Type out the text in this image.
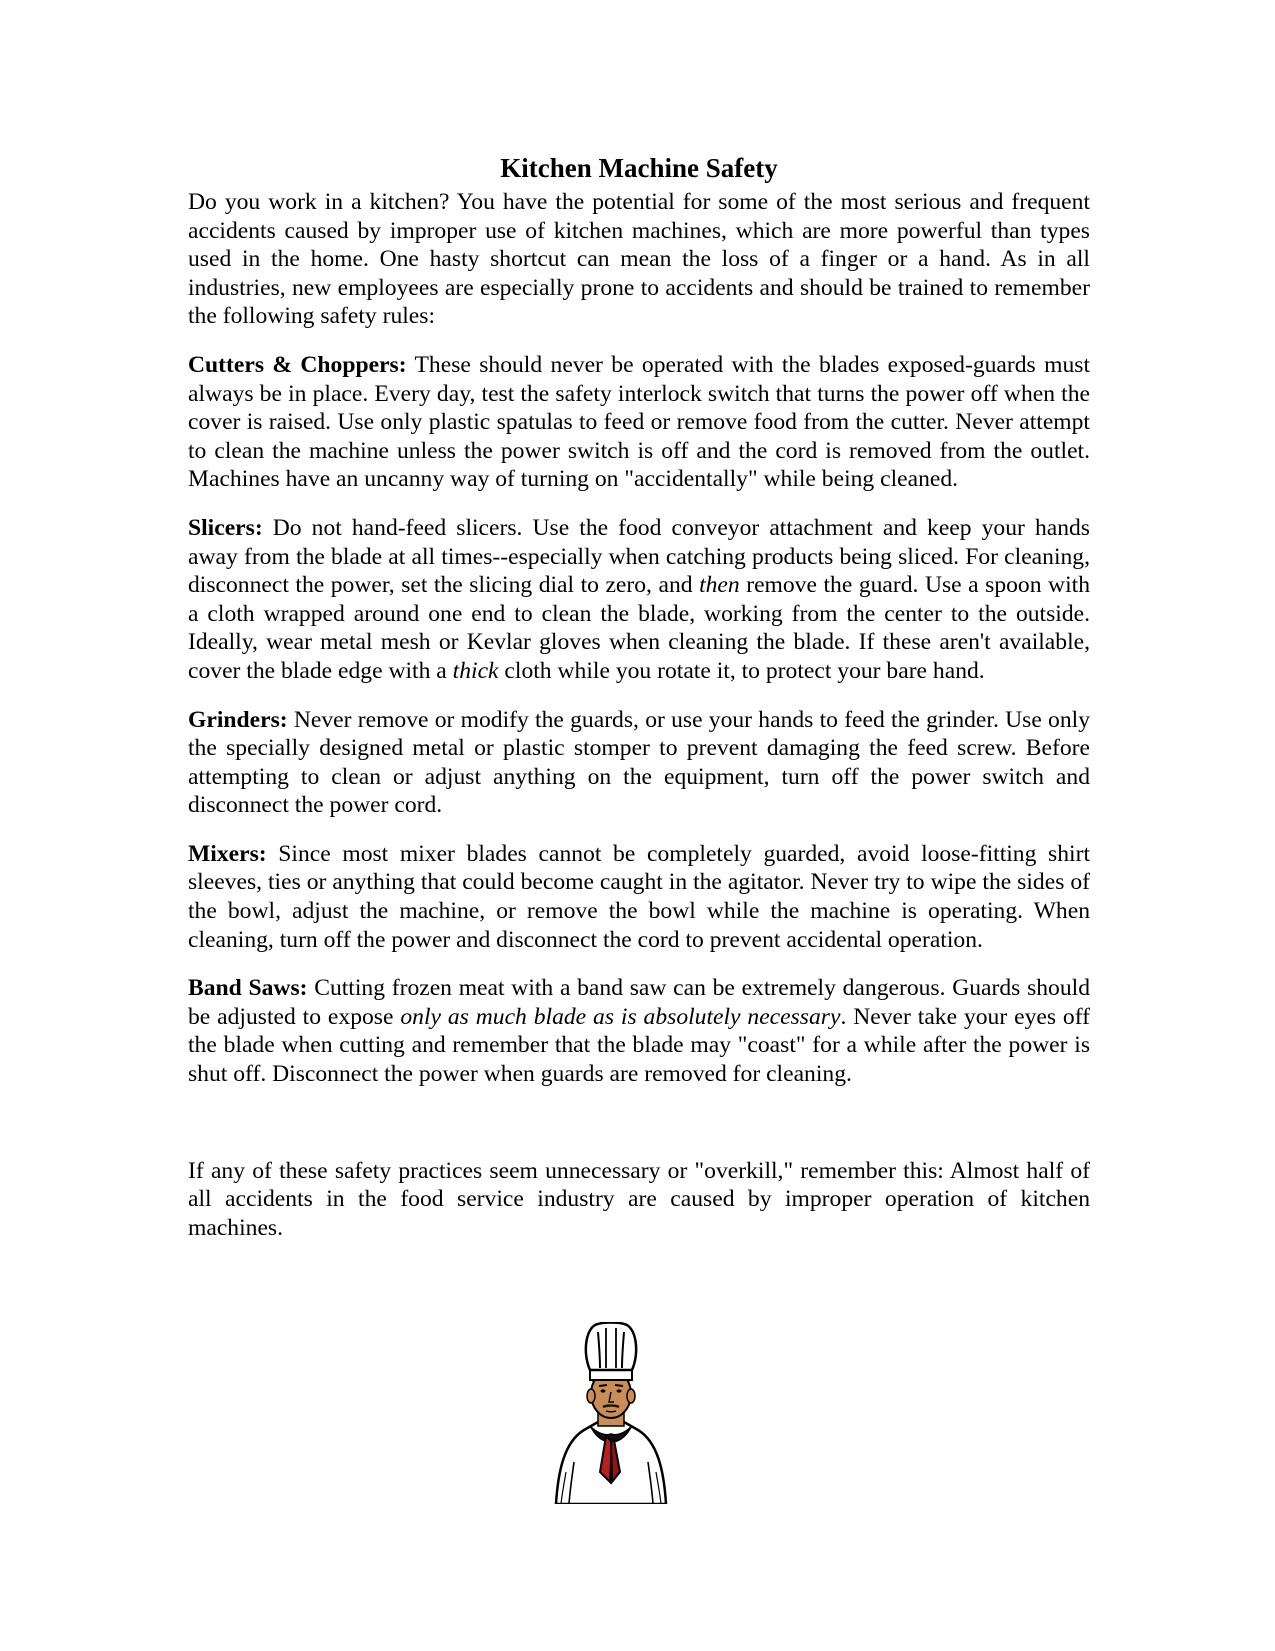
Kitchen Machine Safety

Do you work in a kitchen? You have the potential for some of the most serious and frequent accidents caused by improper use of kitchen machines, which are more powerful than types used in the home. One hasty shortcut can mean the loss of a finger or a hand. As in all industries, new employees are especially prone to accidents and should be trained to remember the following safety rules:

Cutters & Choppers: These should never be operated with the blades exposed-guards must always be in place. Every day, test the safety interlock switch that turns the power off when the cover is raised. Use only plastic spatulas to feed or remove food from the cutter. Never attempt to clean the machine unless the power switch is off and the cord is removed from the outlet. Machines have an uncanny way of turning on "accidentally" while being cleaned.

Slicers: Do not hand-feed slicers. Use the food conveyor attachment and keep your hands away from the blade at all times--especially when catching products being sliced. For cleaning, disconnect the power, set the slicing dial to zero, and then remove the guard. Use a spoon with a cloth wrapped around one end to clean the blade, working from the center to the outside. Ideally, wear metal mesh or Kevlar gloves when cleaning the blade. If these aren't available, cover the blade edge with a thick cloth while you rotate it, to protect your bare hand.

Grinders: Never remove or modify the guards, or use your hands to feed the grinder. Use only the specially designed metal or plastic stomper to prevent damaging the feed screw. Before attempting to clean or adjust anything on the equipment, turn off the power switch and disconnect the power cord.

Mixers: Since most mixer blades cannot be completely guarded, avoid loose-fitting shirt sleeves, ties or anything that could become caught in the agitator. Never try to wipe the sides of the bowl, adjust the machine, or remove the bowl while the machine is operating. When cleaning, turn off the power and disconnect the cord to prevent accidental operation.

Band Saws: Cutting frozen meat with a band saw can be extremely dangerous. Guards should be adjusted to expose only as much blade as is absolutely necessary. Never take your eyes off the blade when cutting and remember that the blade may "coast" for a while after the power is shut off. Disconnect the power when guards are removed for cleaning.

If any of these safety practices seem unnecessary or "overkill," remember this: Almost half of all accidents in the food service industry are caused by improper operation of kitchen machines.
